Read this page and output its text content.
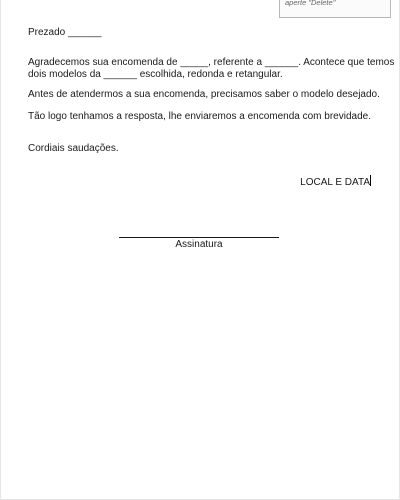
aperte "Delete"
Prezado ______
Agradecemos sua encomenda de _____, referente a ______. Acontece que temos
dois modelos da ______ escolhida, redonda e retangular.
Antes de atendermos a sua encomenda, precisamos saber o modelo desejado.
Tão logo tenhamos a resposta, lhe enviaremos a encomenda com brevidade.
Cordiais saudações.
LOCAL E DATA
Assinatura
